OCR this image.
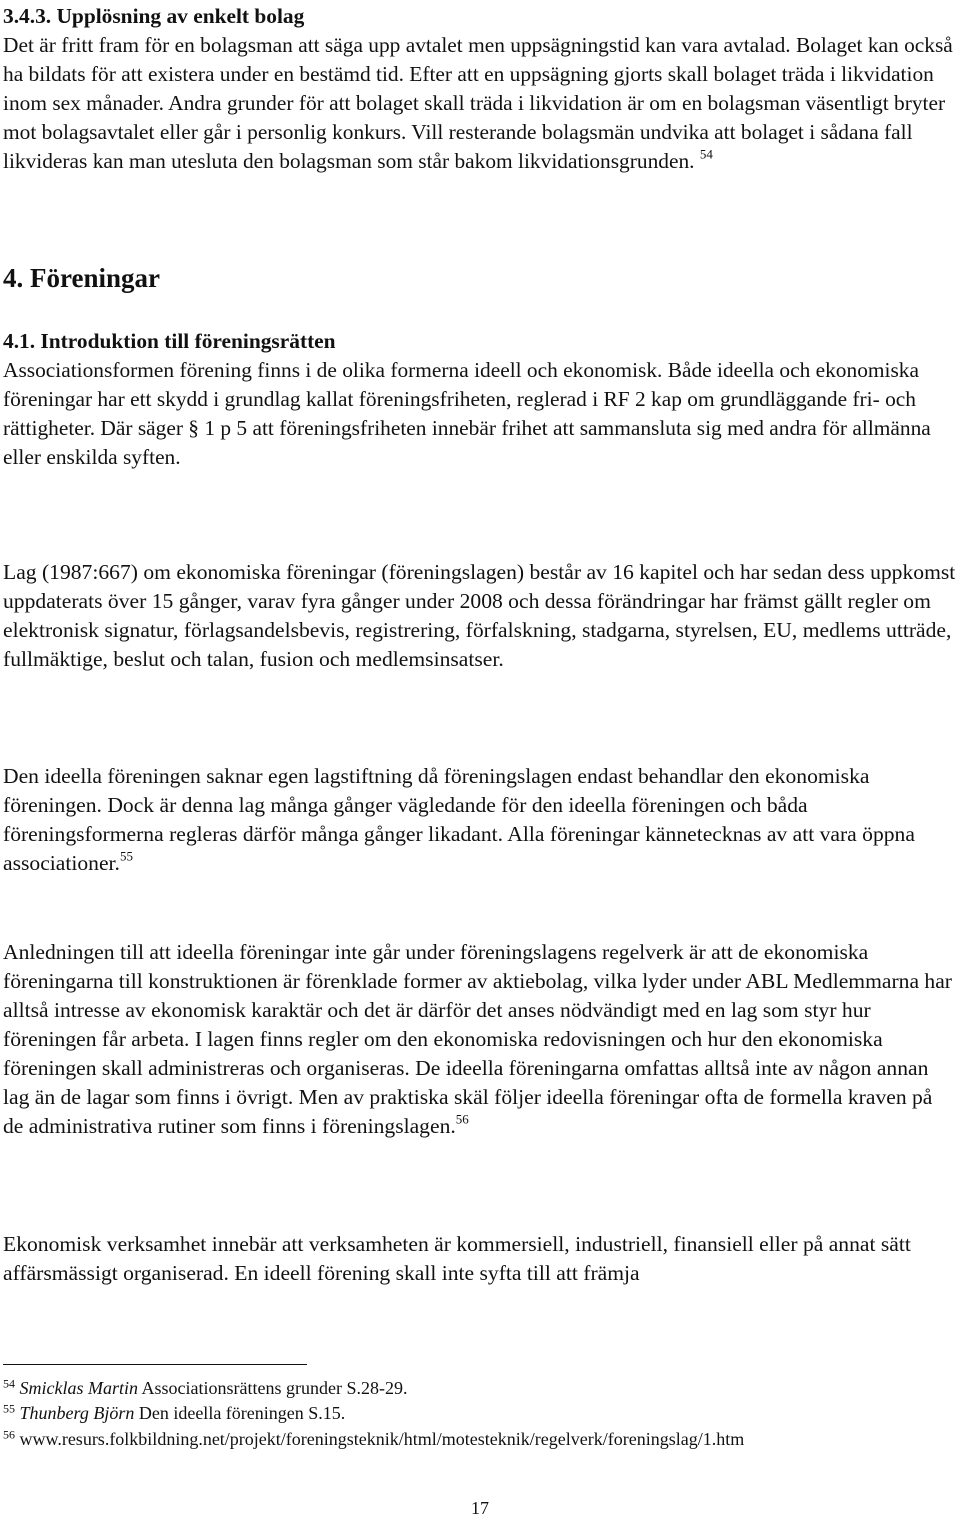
3.4.3. Upplösning av enkelt bolag
Det är fritt fram för en bolagsman att säga upp avtalet men uppsägningstid kan vara avtalad. Bolaget kan också ha bildats för att existera under en bestämd tid. Efter att en uppsägning gjorts skall bolaget träda i likvidation inom sex månader. Andra grunder för att bolaget skall träda i likvidation är om en bolagsman väsentligt bryter mot bolagsavtalet eller går i personlig konkurs. Vill resterande bolagsmän undvika att bolaget i sådana fall likvideras kan man utesluta den bolagsman som står bakom likvidationsgrunden. $^{54}$
4. Föreningar
4.1. Introduktion till föreningsrätten
Associationsformen förening finns i de olika formerna ideell och ekonomisk. Både ideella och ekonomiska föreningar har ett skydd i grundlag kallat föreningsfriheten, reglerad i RF 2 kap om grundläggande fri- och rättigheter. Där säger § 1 p 5 att föreningsfriheten innebär frihet att sammansluta sig med andra för allmänna eller enskilda syften.

Lag (1987:667) om ekonomiska föreningar (föreningslagen) består av 16 kapitel och har sedan dess uppkomst uppdaterats över 15 gånger, varav fyra gånger under 2008 och dessa förändringar har främst gällt regler om elektronisk signatur, förlagsandelsbevis, registrering, förfalskning, stadgarna, styrelsen, EU, medlems utträde, fullmäktige, beslut och talan, fusion och medlemsinsatser.

Den ideella föreningen saknar egen lagstiftning då föreningslagen endast behandlar den ekonomiska föreningen. Dock är denna lag många gånger vägledande för den ideella föreningen och båda föreningsformerna regleras därför många gånger likadant. Alla föreningar kännetecknas av att vara öppna associationer.$^{55}$

Anledningen till att ideella föreningar inte går under föreningslagens regelverk är att de ekonomiska föreningarna till konstruktionen är förenklade former av aktiebolag, vilka lyder under ABL Medlemmarna har alltså intresse av ekonomisk karaktär och det är därför det anses nödvändigt med en lag som styr hur föreningen får arbeta. I lagen finns regler om den ekonomiska redovisningen och hur den ekonomiska föreningen skall administreras och organiseras. De ideella föreningarna omfattas alltså inte av någon annan lag än de lagar som finns i övrigt. Men av praktiska skäl följer ideella föreningar ofta de formella kraven på de administrativa rutiner som finns i föreningslagen.$^{56}$

Ekonomisk verksamhet innebär att verksamheten är kommersiell, industriell, finansiell eller på annat sätt affärsmässigt organiserad. En ideell förening skall inte syfta till att främja

$^{54}$ Smicklas Martin Associationsrättens grunder S.28-29.
$^{55}$ Thunberg Björn Den ideella föreningen S.15.
$^{56}$ www.resurs.folkbildning.net/projekt/foreningsteknik/html/motesteknik/regelverk/foreningslag/1.htm
17
